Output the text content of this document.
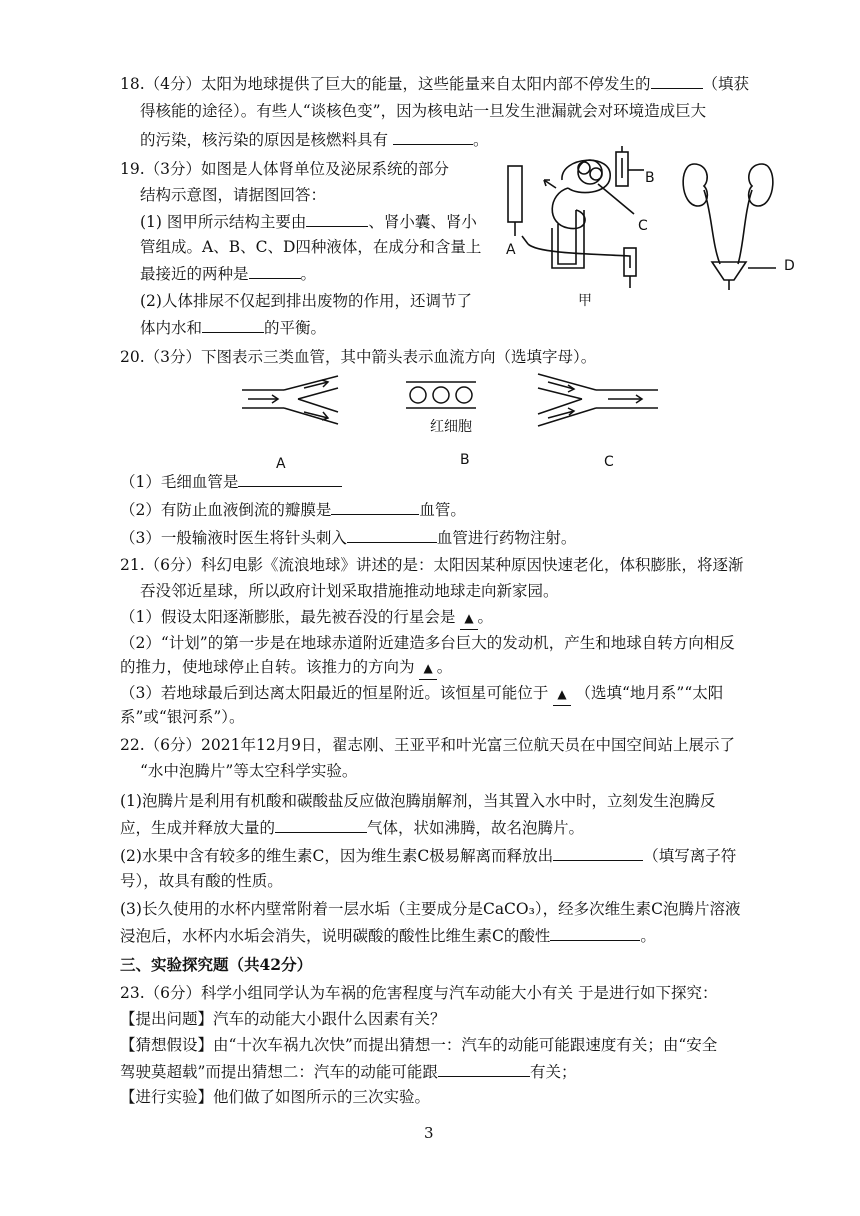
18.（4分）太阳为地球提供了巨大的能量，这些能量来自太阳内部不停发生的	（填获
得核能的途径）。有些人“谈核色变”，因为核电站一旦发生泄漏就会对环境造成巨大
的污染，核污染的原因是核燃料具有	。
19.（3分）如图是人体肾单位及泌尿系统的部分
结构示意图，请据图回答：
(1) 图甲所示结构主要由	、肾小囊、肾小
管组成。A、B、C、D四种液体，在成分和含量上
最接近的两种是	。
(2)人体排尿不仅起到排出废物的作用，还调节了
体内水和	的平衡。
B
C
A
D
甲
20.（3分）下图表示三类血管，其中箭头表示血流方向（选填字母）。
红细胞
A	B	C
（1）毛细血管是
（2）有防止血液倒流的瓣膜是	血管。
（3）一般输液时医生将针头刺入	血管进行药物注射。
21.（6分）科幻电影《流浪地球》讲述的是：太阳因某种原因快速老化，体积膨胀，将逐渐
吞没邻近星球，所以政府计划采取措施推动地球走向新家园。
（1）假设太阳逐渐膨胀，最先被吞没的行星会是 ▲ 。
（2）“计划”的第一步是在地球赤道附近建造多台巨大的发动机，产生和地球自转方向相反
的推力，使地球停止自转。该推力的方向为 ▲ 。
（3）若地球最后到达离太阳最近的恒星附近。该恒星可能位于 ▲ （选填“地月系”“太阳
系”或“银河系”）。
22.（6分）2021年12月9日，翟志刚、王亚平和叶光富三位航天员在中国空间站上展示了
“水中泡腾片”等太空科学实验。
(1)泡腾片是利用有机酸和碳酸盐反应做泡腾崩解剂，当其置入水中时，立刻发生泡腾反
应，生成并释放大量的	气体，状如沸腾，故名泡腾片。
(2)水果中含有较多的维生素C，因为维生素C极易解离而释放出	（填写离子符
号），故具有酸的性质。
(3)长久使用的水杯内壁常附着一层水垢（主要成分是CaCO₃），经多次维生素C泡腾片溶液
浸泡后，水杯内水垢会消失，说明碳酸的酸性比维生素C的酸性	。
三、实验探究题（共42分）
23.（6分）科学小组同学认为车祸的危害程度与汽车动能大小有关 于是进行如下探究：
【提出问题】汽车的动能大小跟什么因素有关？
【猜想假设】由“十次车祸九次快”而提出猜想一：汽车的动能可能跟速度有关；由“安全
驾驶莫超载”而提出猜想二：汽车的动能可能跟	有关；
【进行实验】他们做了如图所示的三次实验。
3
